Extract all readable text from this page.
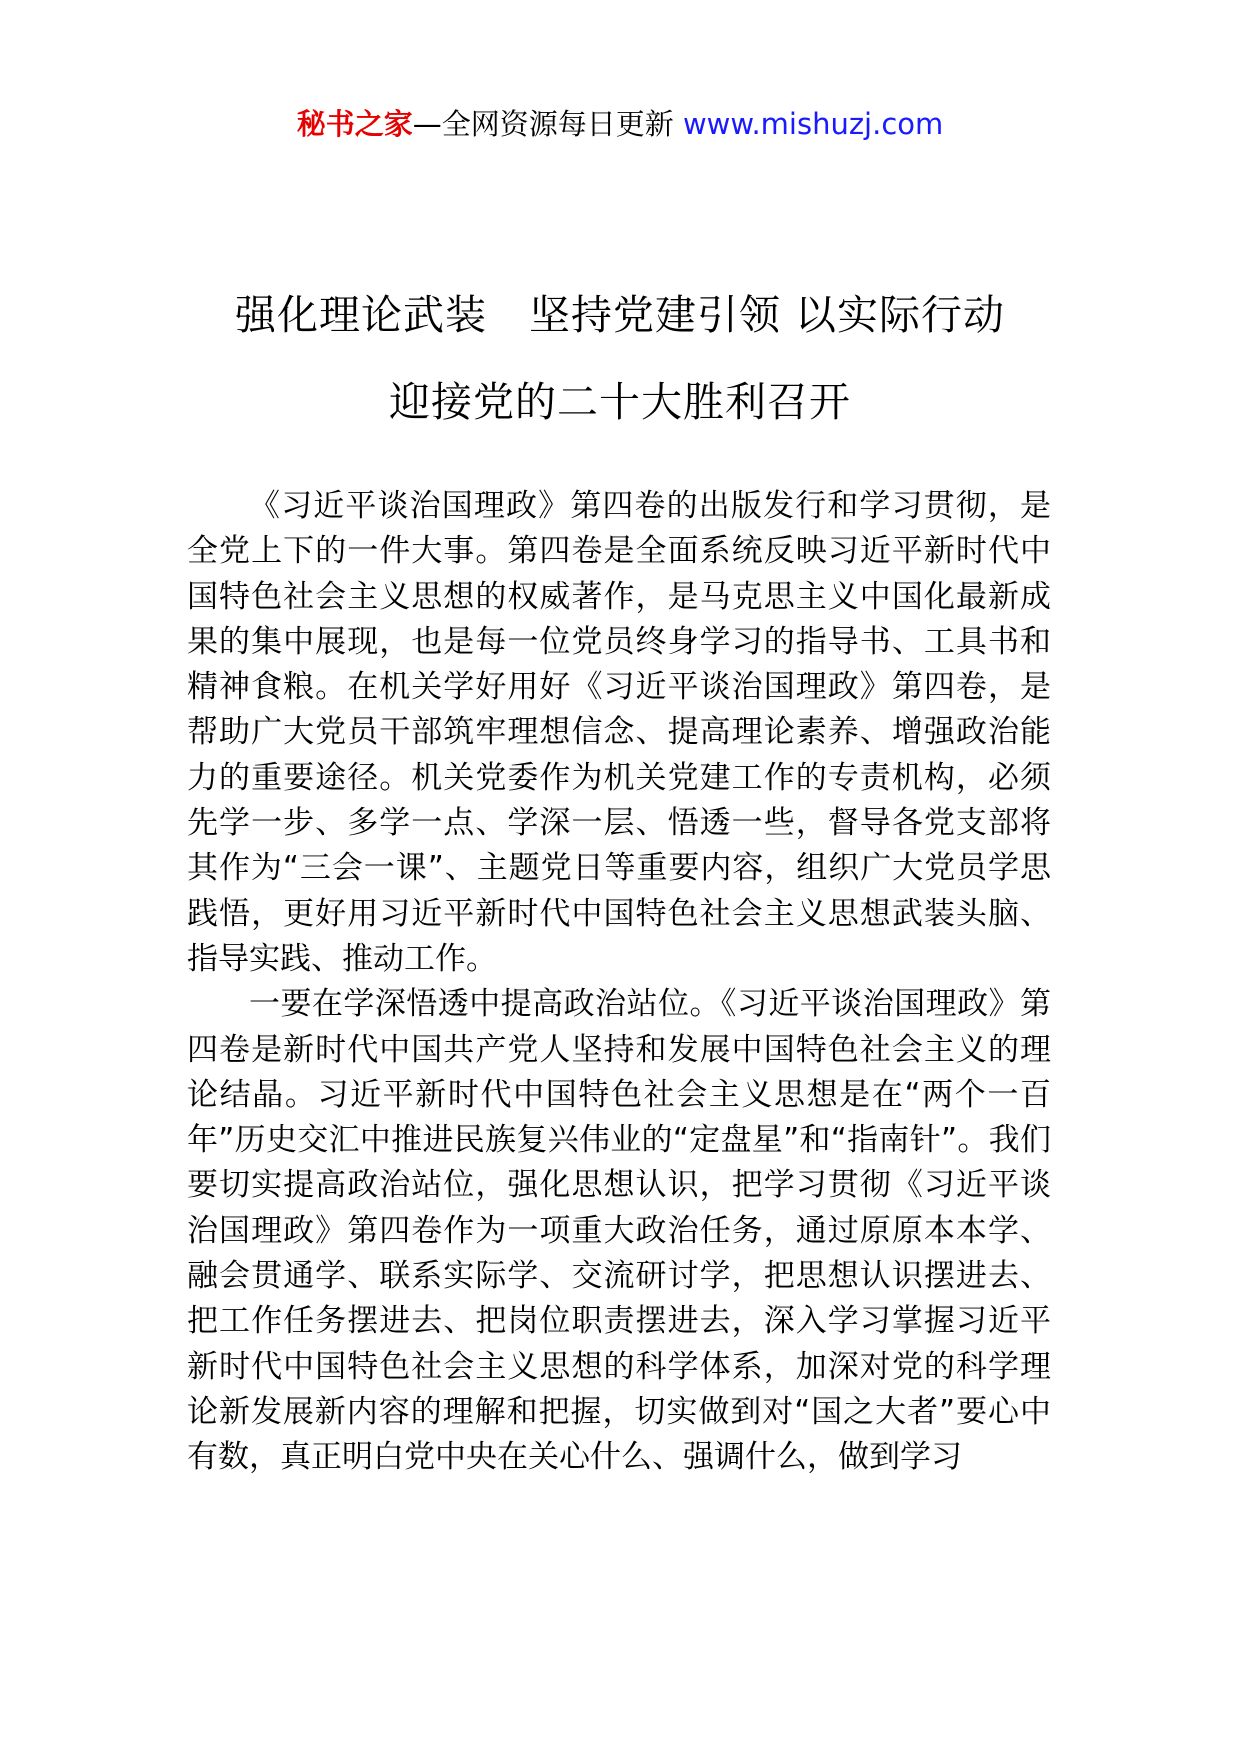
秘书之家—全网资源每日更新 www.mishuzj.com
强化理论武装　坚持党建引领 以实际行动
迎接党的二十大胜利召开

《习近平谈治国理政》第四卷的出版发行和学习贯彻，是全党上下的一件大事。第四卷是全面系统反映习近平新时代中国特色社会主义思想的权威著作，是马克思主义中国化最新成果的集中展现，也是每一位党员终身学习的指导书、工具书和精神食粮。在机关学好用好《习近平谈治国理政》第四卷，是帮助广大党员干部筑牢理想信念、提高理论素养、增强政治能力的重要途径。机关党委作为机关党建工作的专责机构，必须先学一步、多学一点、学深一层、悟透一些，督导各党支部将其作为“三会一课”、主题党日等重要内容，组织广大党员学思践悟，更好用习近平新时代中国特色社会主义思想武装头脑、指导实践、推动工作。

一要在学深悟透中提高政治站位。《习近平谈治国理政》第四卷是新时代中国共产党人坚持和发展中国特色社会主义的理论结晶。习近平新时代中国特色社会主义思想是在“两个一百年”历史交汇中推进民族复兴伟业的“定盘星”和“指南针”。我们要切实提高政治站位，强化思想认识，把学习贯彻《习近平谈治国理政》第四卷作为一项重大政治任务，通过原原本本学、融会贯通学、联系实际学、交流研讨学，把思想认识摆进去、把工作任务摆进去、把岗位职责摆进去，深入学习掌握习近平新时代中国特色社会主义思想的科学体系，加深对党的科学理论新发展新内容的理解和把握，切实做到对“国之大者”要心中有数，真正明白党中央在关心什么、强调什么，做到学习
